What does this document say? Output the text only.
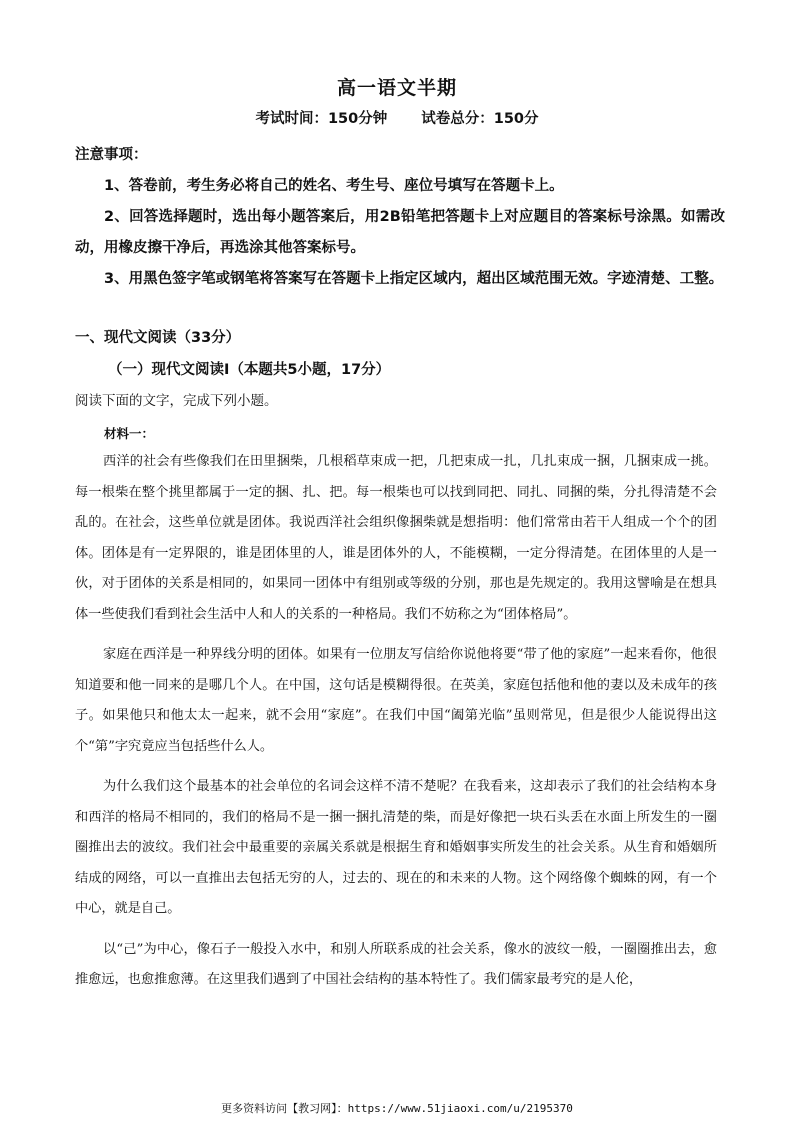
高一语文半期
考试时间：150分钟 试卷总分：150分

注意事项：

1、答卷前，考生务必将自己的姓名、考生号、座位号填写在答题卡上。

2、回答选择题时，选出每小题答案后，用2B铅笔把答题卡上对应题目的答案标号涂黑。如需改动，用橡皮擦干净后，再选涂其他答案标号。

3、用黑色签字笔或钢笔将答案写在答题卡上指定区域内，超出区域范围无效。字迹清楚、工整。

一、现代文阅读（33分）
（一）现代文阅读Ⅰ（本题共5小题，17分）
阅读下面的文字，完成下列小题。
材料一：

西洋的社会有些像我们在田里捆柴，几根稻草束成一把，几把束成一扎，几扎束成一捆，几捆束成一挑。每一根柴在整个挑里都属于一定的捆、扎、把。每一根柴也可以找到同把、同扎、同捆的柴，分扎得清楚不会乱的。在社会，这些单位就是团体。我说西洋社会组织像捆柴就是想指明：他们常常由若干人组成一个个的团体。团体是有一定界限的，谁是团体里的人，谁是团体外的人，不能模糊，一定分得清楚。在团体里的人是一伙，对于团体的关系是相同的，如果同一团体中有组别或等级的分别，那也是先规定的。我用这譬喻是在想具体一些使我们看到社会生活中人和人的关系的一种格局。我们不妨称之为“团体格局”。

家庭在西洋是一种界线分明的团体。如果有一位朋友写信给你说他将要“带了他的家庭”一起来看你，他很知道要和他一同来的是哪几个人。在中国，这句话是模糊得很。在英美，家庭包括他和他的妻以及未成年的孩子。如果他只和他太太一起来，就不会用“家庭”。在我们中国“阖第光临”虽则常见，但是很少人能说得出这个“第”字究竟应当包括些什么人。

为什么我们这个最基本的社会单位的名词会这样不清不楚呢？在我看来，这却表示了我们的社会结构本身和西洋的格局不相同的，我们的格局不是一捆一捆扎清楚的柴，而是好像把一块石头丢在水面上所发生的一圈圈推出去的波纹。我们社会中最重要的亲属关系就是根据生育和婚姻事实所发生的社会关系。从生育和婚姻所结成的网络，可以一直推出去包括无穷的人，过去的、现在的和未来的人物。这个网络像个蜘蛛的网，有一个中心，就是自己。

以“己”为中心，像石子一般投入水中，和别人所联系成的社会关系，像水的波纹一般，一圈圈推出去，愈推愈远，也愈推愈薄。在这里我们遇到了中国社会结构的基本特性了。我们儒家最考究的是人伦，

更多资料访问【教习网】：https://www.51jiaoxi.com/u/2195370
